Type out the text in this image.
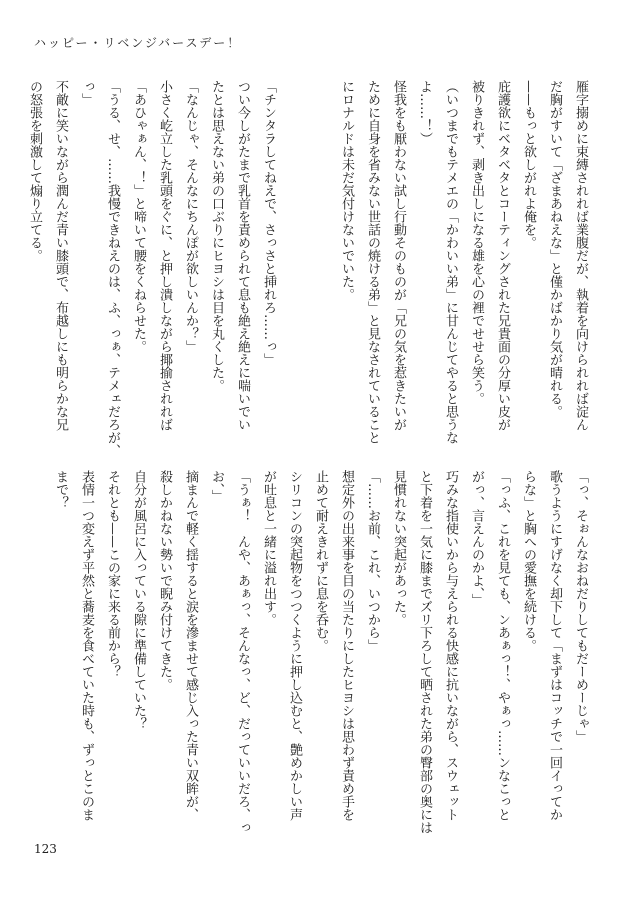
ハッピー・リベンジバースデー！

雁字搦めに束縛されれば業腹だが、執着を向けられれば淀ん

だ胸がすいて「ざまあねえな」と僅かばかり気が晴れる。

——もっと欲しがれよ俺を。

庇護欲にベタベタとコーティングされた兄貴面の分厚い皮が

被りきれず、剥き出しになる雄を心の裡でせせら笑う。

（いつまでもテメエの「かわいい弟」に甘んじてやると思うな

よ……！）

怪我をも厭わない試し行動そのものが「兄の気を惹きたいが

ために自身を省みない世話の焼ける弟」と見なされていること

にロナルドは未だ気付けないでいた。

「チンタラしてねえで、さっさと挿れろ……っ」

つい今しがたまで乳首を責められて息も絶え絶えに喘いでい

たとは思えない弟の口ぶりにヒヨシは目を丸くした。

「なんじゃ、そんなにちんぽが欲しいんか？」

小さく屹立した乳頭をぐに、と押し潰しながら揶揄されれば

「あひゃぁん、！」と啼いて腰をくねらせた。

「うる、せ、……我慢できねえのは、ふ、っぁ、テメェだろが、

っ」

不敵に笑いながら潤んだ青い膝頭で、布越しにも明らかな兄

の怒張を刺激して煽り立てる。

「っ、そぉんなおねだりしてもだーめーじゃ」

歌うようにすげなく却下して「まずはコッチで一回イってか

らな」と胸への愛撫を続ける。

「っふ、これを見ても、ンあぁっ！、やぁっ……ンなこっと

がっ、言えんのかよ、」

巧みな指使いから与えられる快感に抗いながら、スウェット

と下着を一気に膝までズリ下ろして晒された弟の臀部の奥には

見慣れない突起があった。

「……お前、これ、いつから」

想定外の出来事を目の当たりにしたヒヨシは思わず責め手を

止めて耐えきれずに息を呑む。

シリコンの突起物をつつくように押し込むと、艶めかしい声

が吐息と一緒に溢れ出す。

「うぁ！　んや、あぁっ、そんなっ、ど、だっていいだろ、っ

お、」

摘まんで軽く揺すると涙を滲ませて感じ入った青い双眸が、

殺しかねない勢いで睨み付けてきた。

自分が風呂に入っている隙に準備していた？

それとも——この家に来る前から？

表情一つ変えず平然と蕎麦を食べていた時も、ずっとこのま

まで？

123
